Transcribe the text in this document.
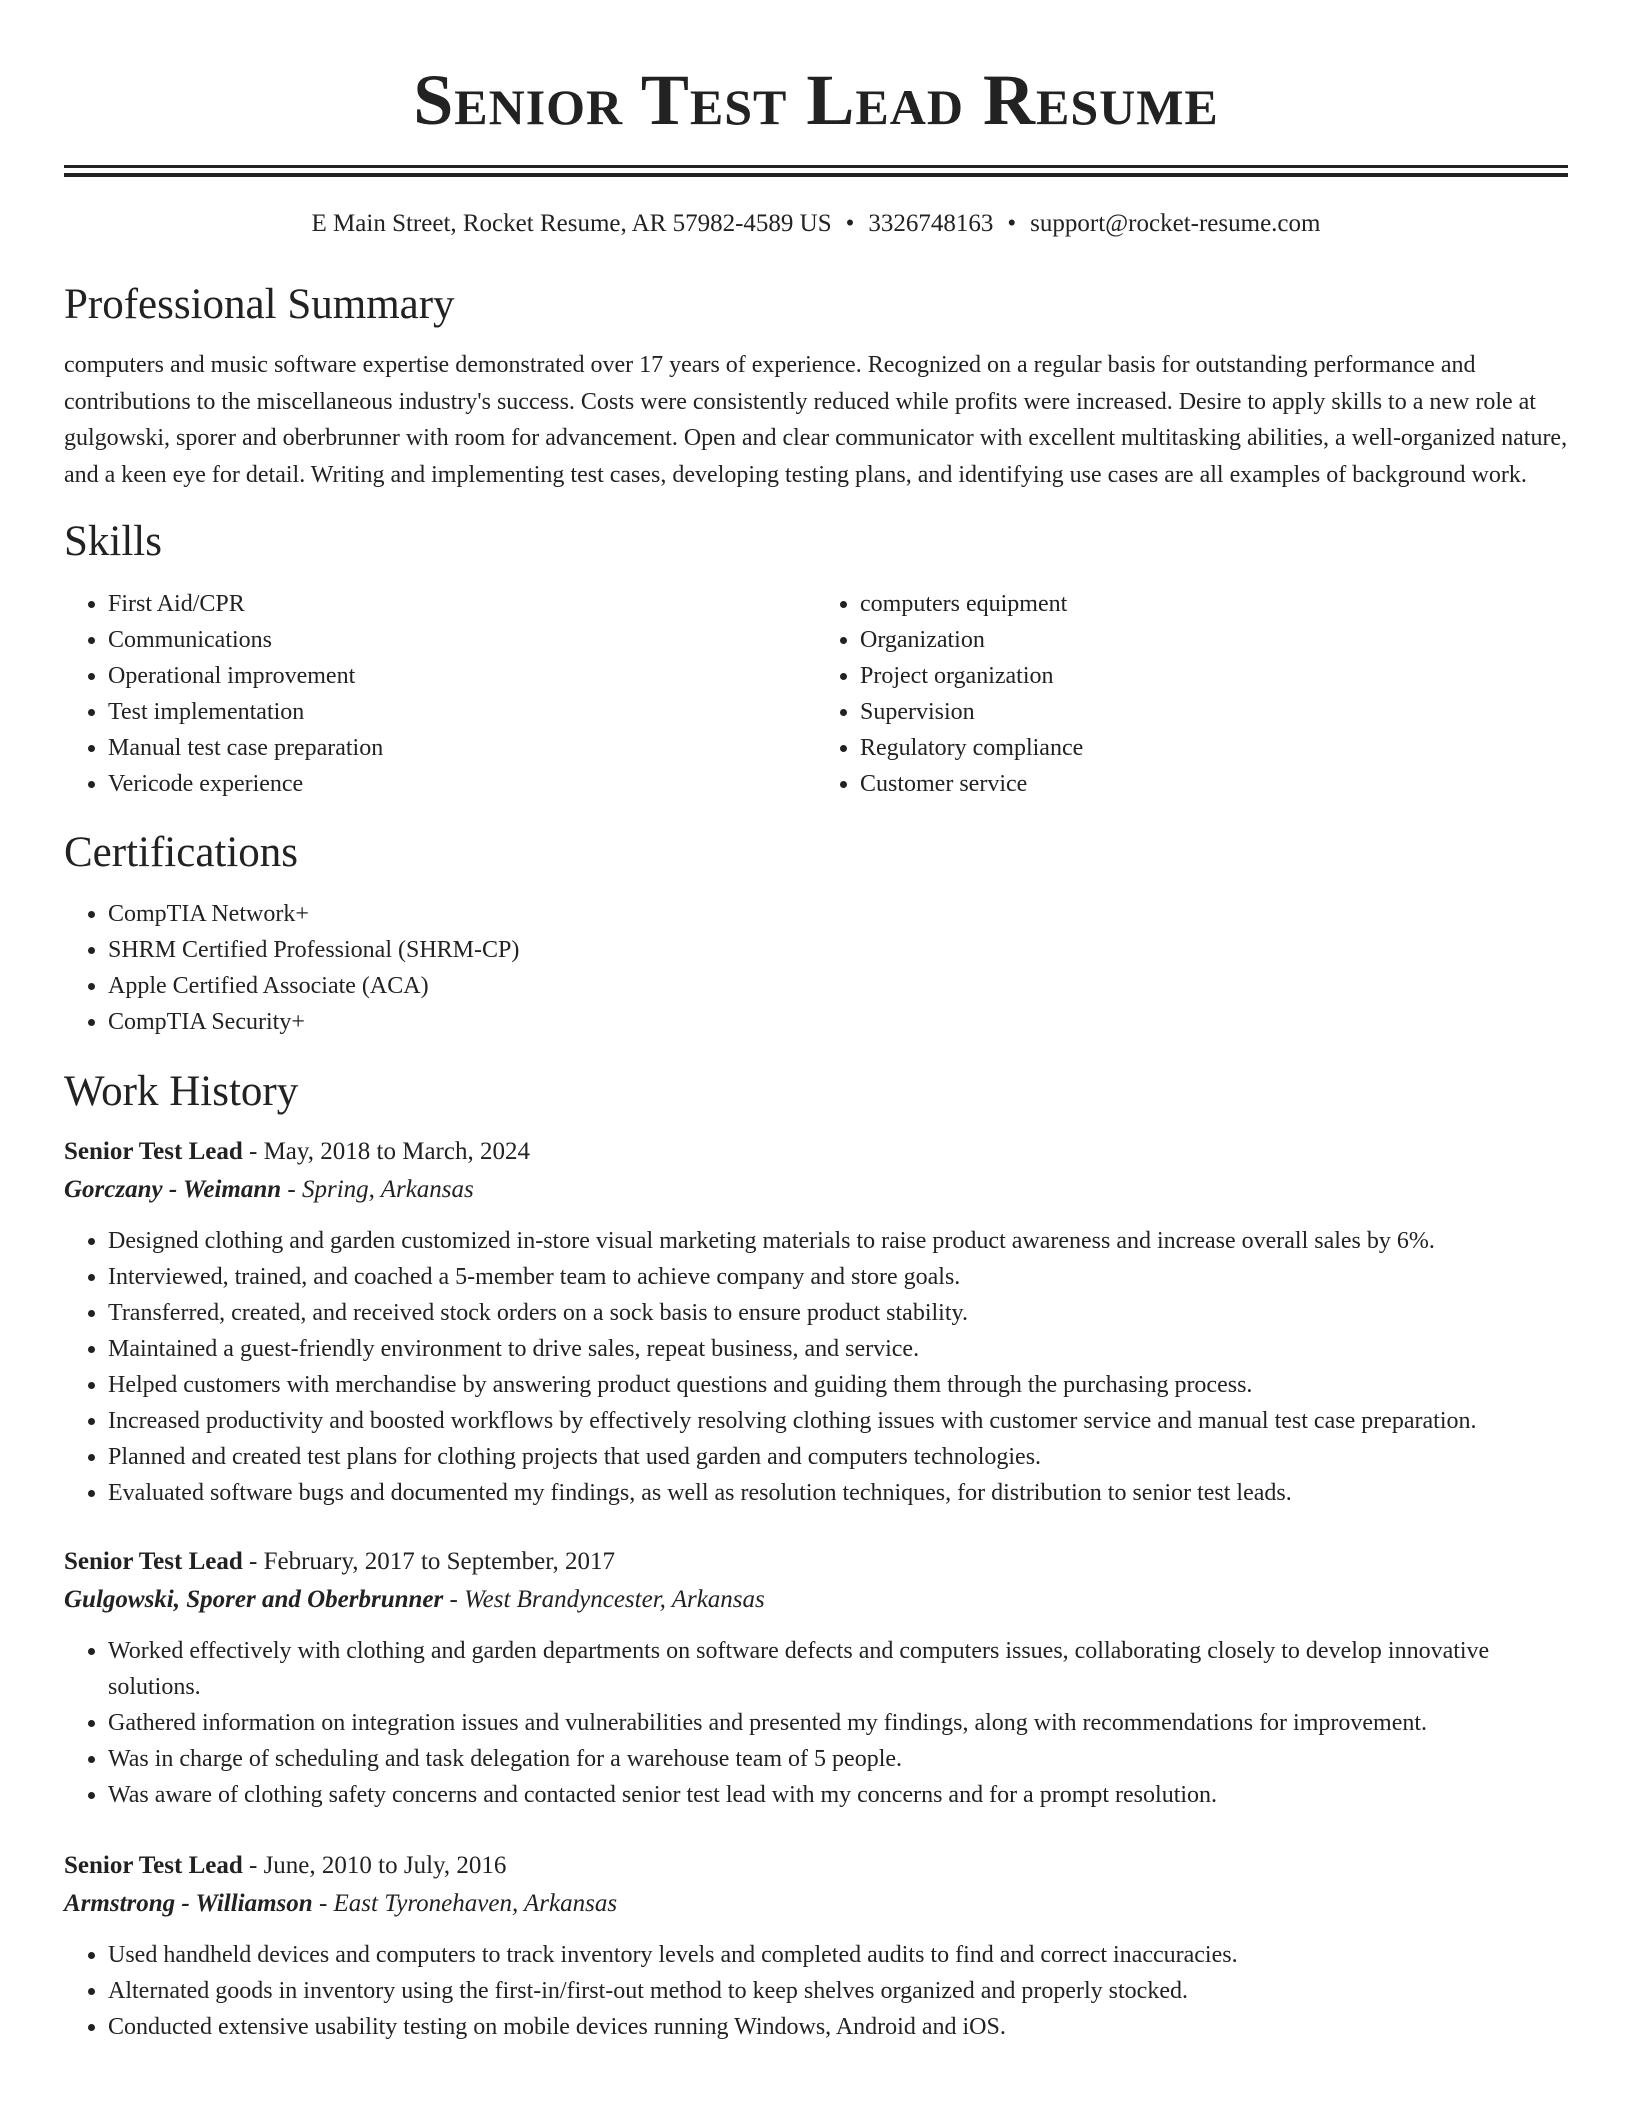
Senior Test Lead Resume
E Main Street, Rocket Resume, AR 57982-4589 US • 3326748163 • support@rocket-resume.com
Professional Summary

computers and music software expertise demonstrated over 17 years of experience. Recognized on a regular basis for outstanding performance and contributions to the miscellaneous industry's success. Costs were consistently reduced while profits were increased. Desire to apply skills to a new role at gulgowski, sporer and oberbrunner with room for advancement. Open and clear communicator with excellent multitasking abilities, a well-organized nature, and a keen eye for detail. Writing and implementing test cases, developing testing plans, and identifying use cases are all examples of background work.

Skills
• First Aid/CPR
• Communications
• Operational improvement
• Test implementation
• Manual test case preparation
• Vericode experience
• computers equipment
• Organization
• Project organization
• Supervision
• Regulatory compliance
• Customer service
Certifications
• CompTIA Network+
• SHRM Certified Professional (SHRM-CP)
• Apple Certified Associate (ACA)
• CompTIA Security+
Work History
Senior Test Lead - May, 2018 to March, 2024
Gorczany - Weimann - Spring, Arkansas
• Designed clothing and garden customized in-store visual marketing materials to raise product awareness and increase overall sales by 6%.
• Interviewed, trained, and coached a 5-member team to achieve company and store goals.
• Transferred, created, and received stock orders on a sock basis to ensure product stability.
• Maintained a guest-friendly environment to drive sales, repeat business, and service.
• Helped customers with merchandise by answering product questions and guiding them through the purchasing process.
• Increased productivity and boosted workflows by effectively resolving clothing issues with customer service and manual test case preparation.
• Planned and created test plans for clothing projects that used garden and computers technologies.
• Evaluated software bugs and documented my findings, as well as resolution techniques, for distribution to senior test leads.
Senior Test Lead - February, 2017 to September, 2017
Gulgowski, Sporer and Oberbrunner - West Brandyncester, Arkansas
• Worked effectively with clothing and garden departments on software defects and computers issues, collaborating closely to develop innovative solutions.
• Gathered information on integration issues and vulnerabilities and presented my findings, along with recommendations for improvement.
• Was in charge of scheduling and task delegation for a warehouse team of 5 people.
• Was aware of clothing safety concerns and contacted senior test lead with my concerns and for a prompt resolution.
Senior Test Lead - June, 2010 to July, 2016
Armstrong - Williamson - East Tyronehaven, Arkansas
• Used handheld devices and computers to track inventory levels and completed audits to find and correct inaccuracies.
• Alternated goods in inventory using the first-in/first-out method to keep shelves organized and properly stocked.
• Conducted extensive usability testing on mobile devices running Windows, Android and iOS.
